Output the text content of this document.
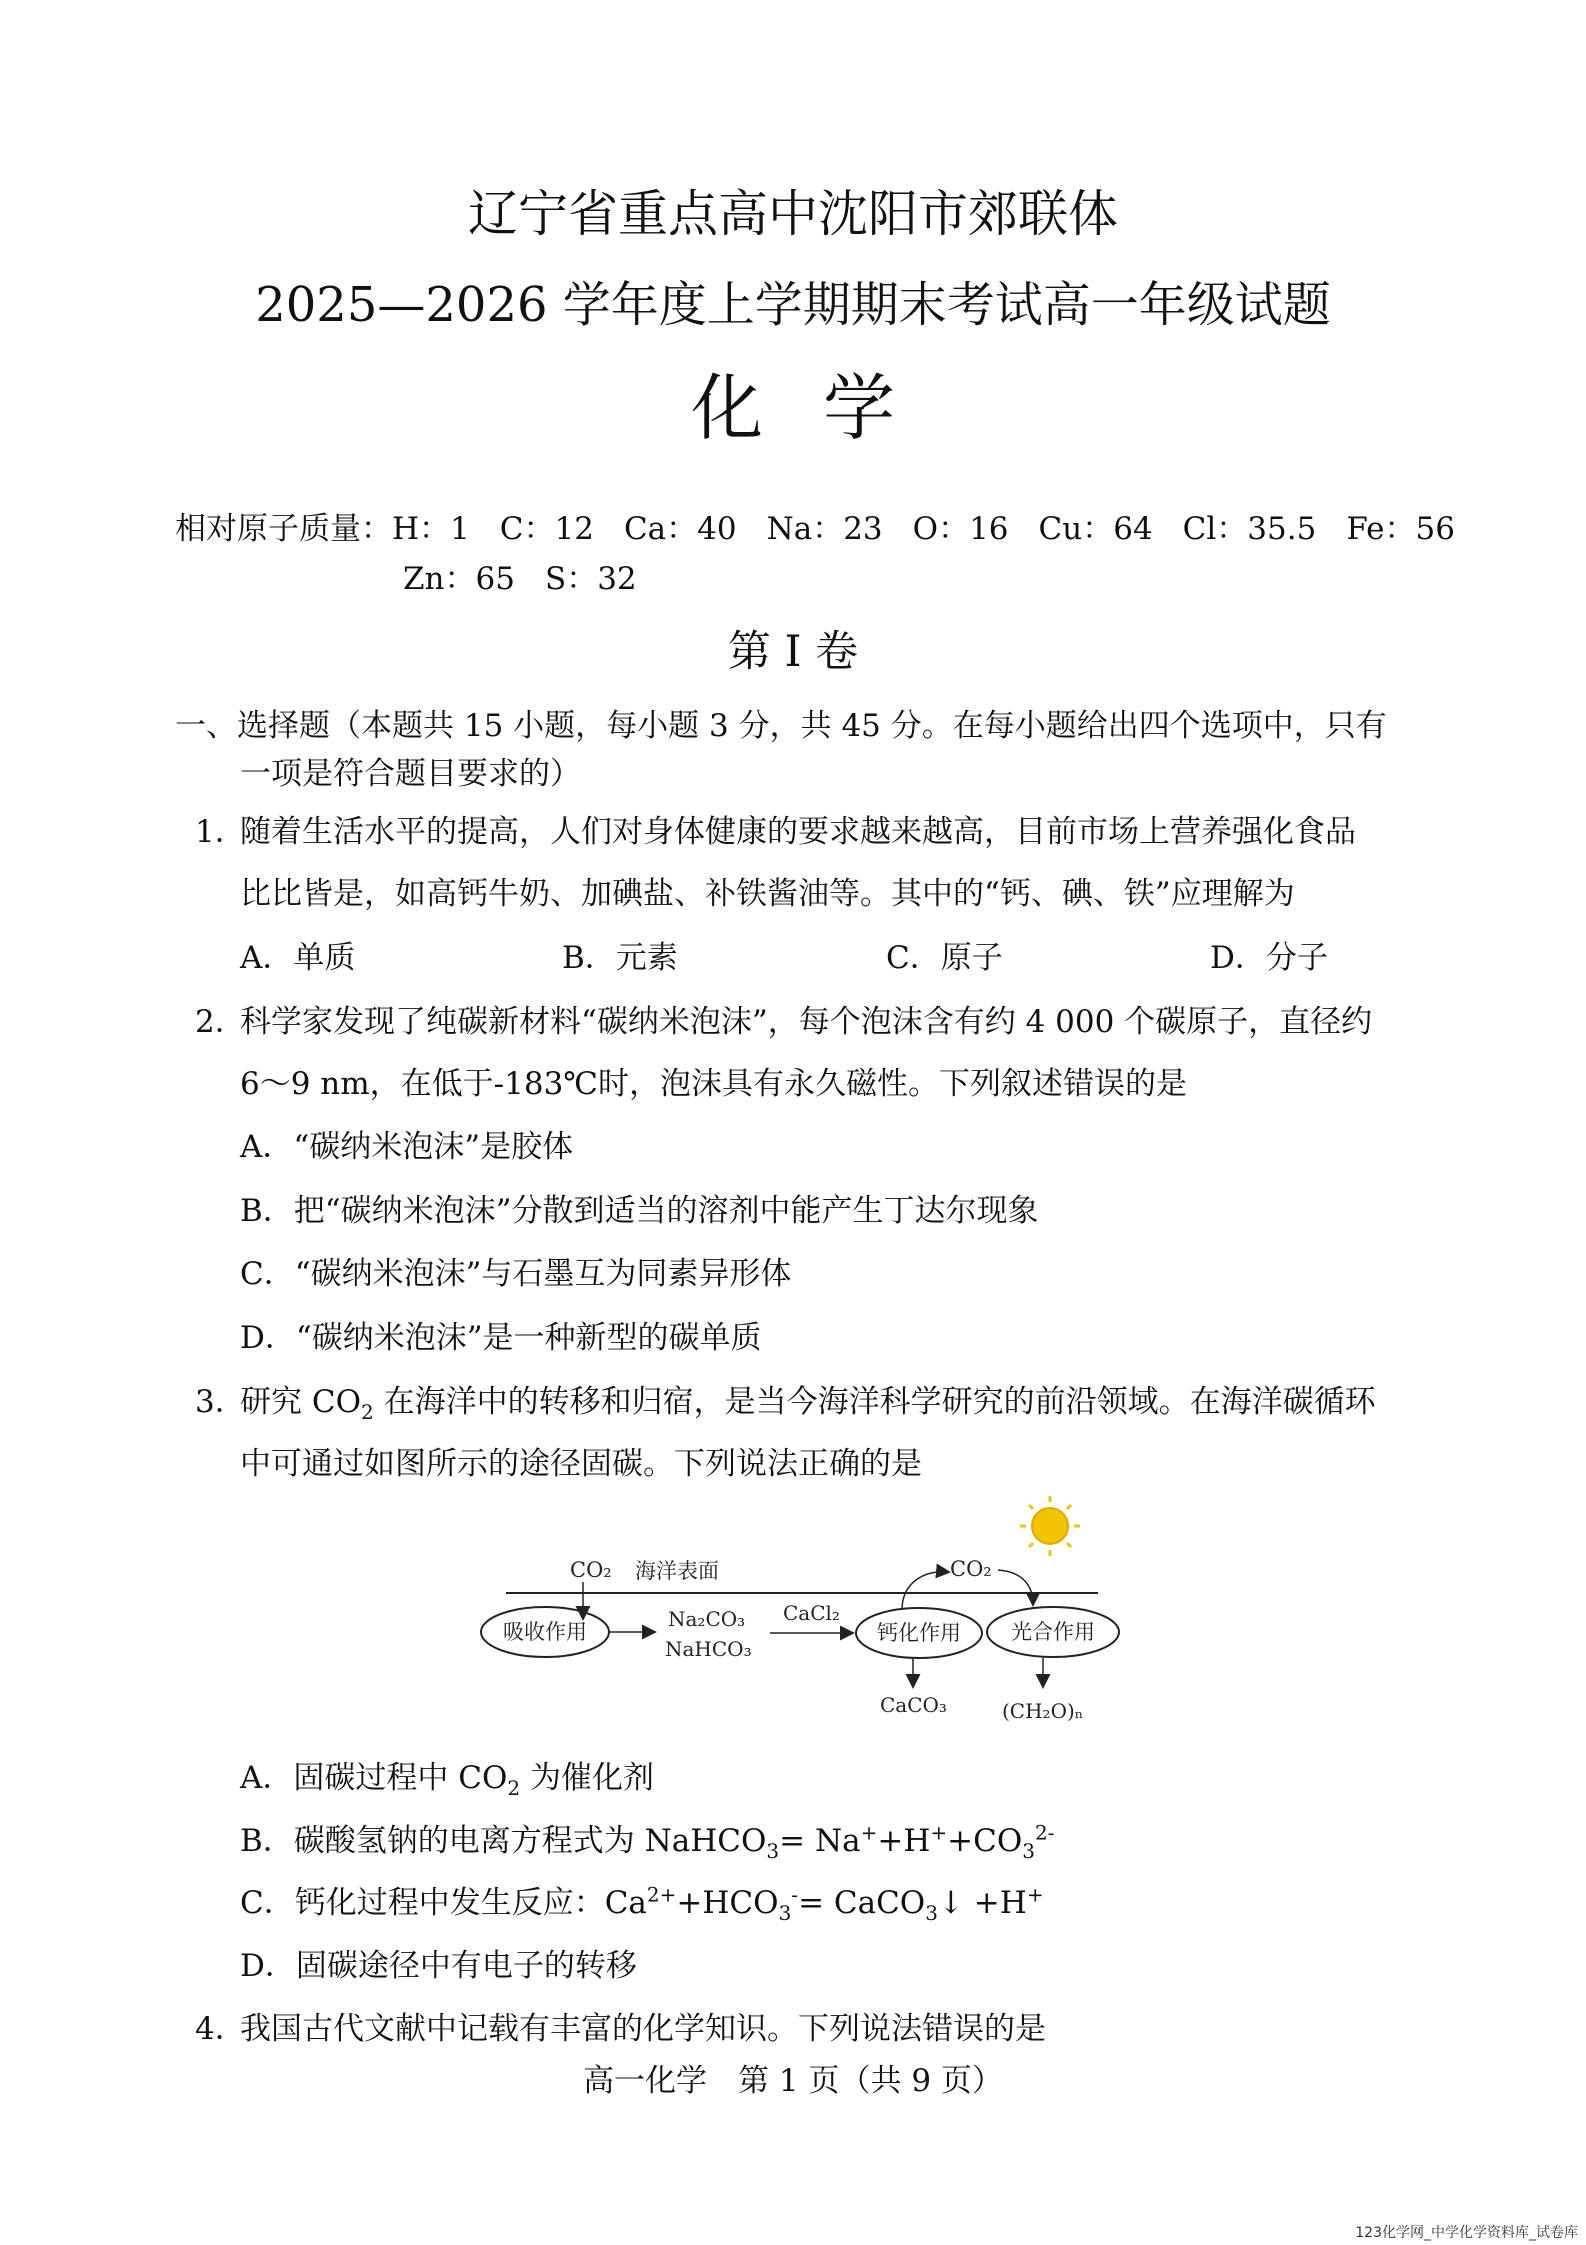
辽宁省重点高中沈阳市郊联体
2025—2026 学年度上学期期末考试高一年级试题
化学
相对原子质量：H：1 C：12 Ca：40 Na：23 O：16 Cu：64 Cl：35.5 Fe：56
Zn：65 S：32
第 I 卷
一、选择题（本题共 15 小题，每小题 3 分，共 45 分。在每小题给出四个选项中，只有
一项是符合题目要求的）
1．
随着生活水平的提高，人们对身体健康的要求越来越高，目前市场上营养强化食品
比比皆是，如高钙牛奶、加碘盐、补铁酱油等。其中的“钙、碘、铁”应理解为
A．单质	B．元素	C．原子	D．分子
2．
科学家发现了纯碳新材料“碳纳米泡沫”，每个泡沫含有约 4 000 个碳原子，直径约
6～9 nm，在低于-183℃时，泡沫具有永久磁性。下列叙述错误的是
A．“碳纳米泡沫”是胶体
B．把“碳纳米泡沫”分散到适当的溶剂中能产生丁达尔现象
C．“碳纳米泡沫”与石墨互为同素异形体
D．“碳纳米泡沫”是一种新型的碳单质
3．
研究 $CO_2$ 在海洋中的转移和归宿，是当今海洋科学研究的前沿领域。在海洋碳循环
中可通过如图所示的途径固碳。下列说法正确的是
CO₂ 海洋表面
吸收作用
Na₂CO₃
NaHCO₃
CaCl₂
钙化作用 光合作用
CO₂
CaCO₃	(CH₂O)ₙ
A．固碳过程中 $CO_2$ 为催化剂
B．碳酸氢钠的电离方程式为 NaHCO$_3$= $Na^++H^++CO_3^{2-}$
C．钙化过程中发生反应：$Ca^{2+}+HCO_3^-=$ CaCO$_3$↓ +H+
D．固碳途径中有电子的转移
4．
我国古代文献中记载有丰富的化学知识。下列说法错误的是
高一化学　第 1 页（共 9 页）
123化学网_中学化学资料库_试卷库
